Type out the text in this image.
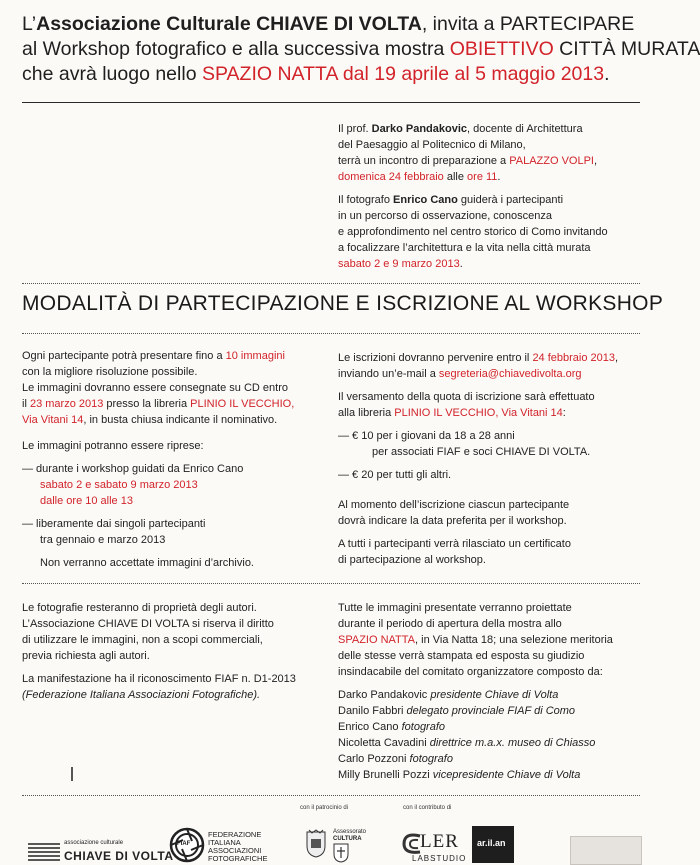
L’Associazione Culturale CHIAVE DI VOLTA, invita a PARTECIPARE

al Workshop fotografico e alla successiva mostra OBIETTIVO CITTÀ MURATA

che avrà luogo nello SPAZIO NATTA dal 19 aprile al 5 maggio 2013.

Il prof. Darko Pandakovic, docente di Architettura
del Paesaggio al Politecnico di Milano,
terrà un incontro di preparazione a PALAZZO VOLPI,
domenica 24 febbraio alle ore 11.

Il fotografo Enrico Cano guiderà i partecipanti
in un percorso di osservazione, conoscenza
e approfondimento nel centro storico di Como invitando
a focalizzare l’architettura e la vita nella città murata
sabato 2 e 9 marzo 2013.

MODALITÀ DI PARTECIPAZIONE E ISCRIZIONE AL WORKSHOP

Ogni partecipante potrà presentare fino a 10 immagini
con la migliore risoluzione possibile.
Le immagini dovranno essere consegnate su CD entro
il 23 marzo 2013 presso la libreria PLINIO IL VECCHIO,
Via Vitani 14, in busta chiusa indicante il nominativo.

Le immagini potranno essere riprese:

— durante i workshop guidati da Enrico Cano
sabato 2 e sabato 9 marzo 2013
dalle ore 10 alle 13

— liberamente dai singoli partecipanti
tra gennaio e marzo 2013

Non verranno accettate immagini d’archivio.

Le iscrizioni dovranno pervenire entro il 24 febbraio 2013,
inviando un’e-mail a segreteria@chiavedivolta.org

Il versamento della quota di iscrizione sarà effettuato
alla libreria PLINIO IL VECCHIO, Via Vitani 14:

— € 10 per i giovani da 18 a 28 anni
per associati FIAF e soci CHIAVE DI VOLTA.

— € 20 per tutti gli altri.

Al momento dell’iscrizione ciascun partecipante
dovrà indicare la data preferita per il workshop.

A tutti i partecipanti verrà rilasciato un certificato
di partecipazione al workshop.

Le fotografie resteranno di proprietà degli autori.
L’Associazione CHIAVE DI VOLTA si riserva il diritto
di utilizzare le immagini, non a scopi commerciali,
previa richiesta agli autori.

La manifestazione ha il riconoscimento FIAF n. D1-2013
(Federazione Italiana Associazioni Fotografiche).

Tutte le immagini presentate verranno proiettate
durante il periodo di apertura della mostra allo
SPAZIO NATTA, in Via Natta 18; una selezione meritoria
delle stesse verrà stampata ed esposta su giudizio
insindacabile del comitato organizzatore composto da:

Darko Pandakovic presidente Chiave di Volta
Danilo Fabbri delegato provinciale FIAF di Como
Enrico Cano fotografo
Nicoletta Cavadini direttrice m.a.x. museo di Chiasso
Carlo Pozzoni fotografo
Milly Brunelli Pozzi vicepresidente Chiave di Volta
con il patrocinio di	con il contributo di
associazione culturale
CHIAVE DI VOLTA
FIAF
FEDERAZIONE
ITALIANA
ASSOCIAZIONI
FOTOGRAFICHE
Assessorato
CULTURA	LER
LABSTUDIO
ar.il.an
